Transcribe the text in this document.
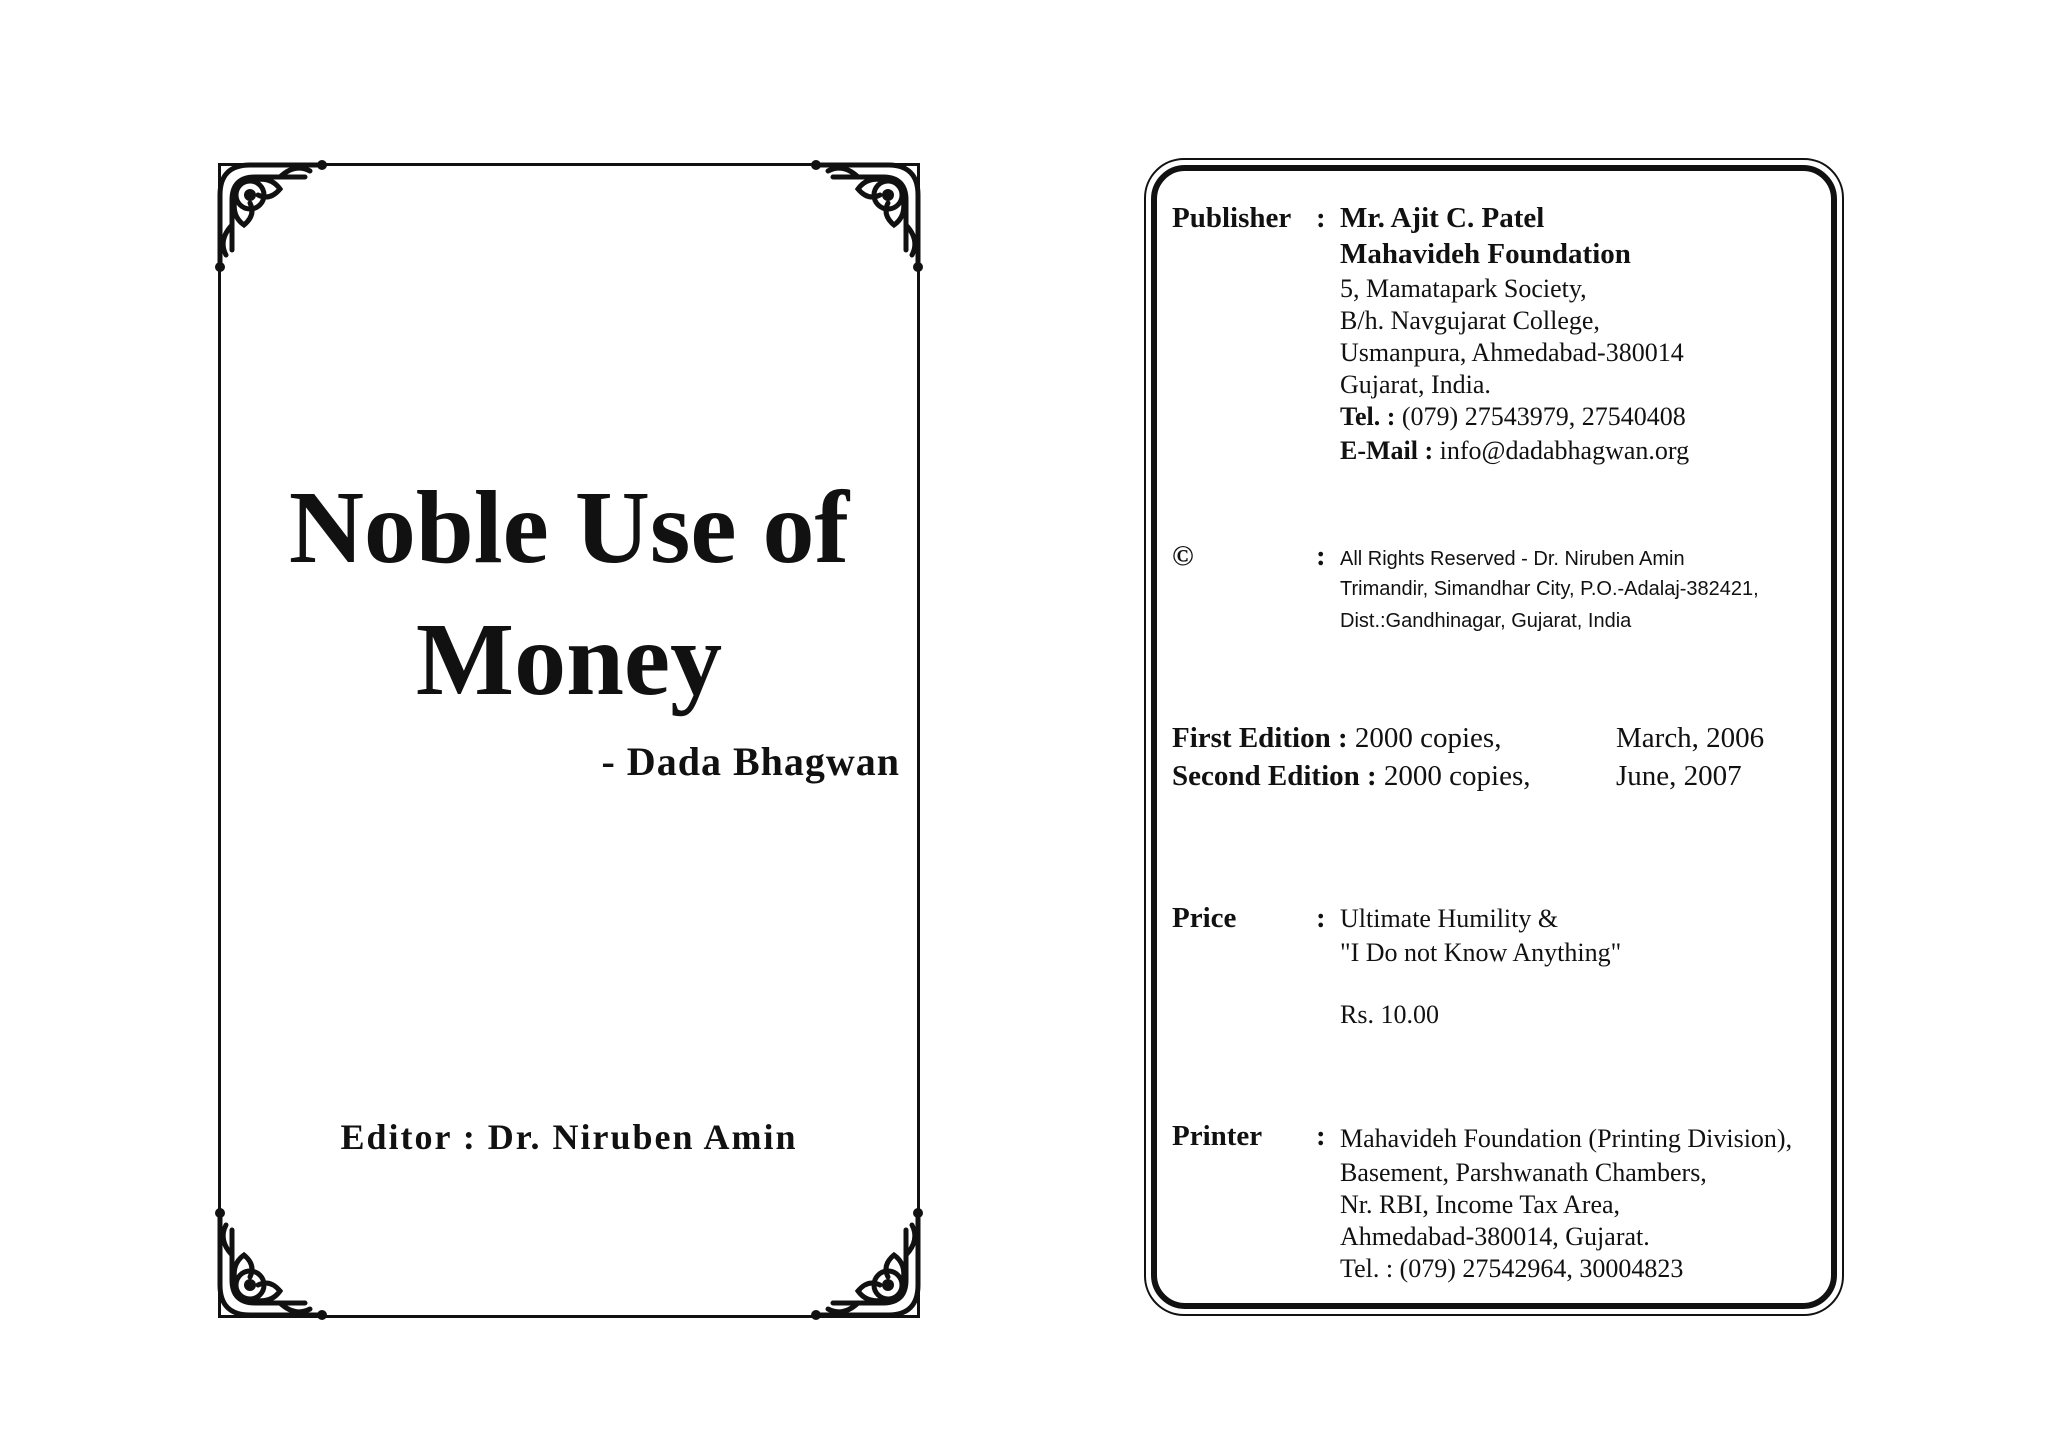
Noble Use of
Money
- Dada Bhagwan
Editor : Dr. Niruben Amin
Publisher : Mr. Ajit C. Patel
Mahavideh Foundation
5, Mamatapark Society,
B/h. Navgujarat College,
Usmanpura, Ahmedabad-380014
Gujarat, India.
Tel. : (079) 27543979, 27540408
E-Mail : info@dadabhagwan.org
©	: All Rights Reserved - Dr. Niruben Amin
Trimandir, Simandhar City, P.O.-Adalaj-382421,
Dist.:Gandhinagar, Gujarat, India
First Edition : 2000 copies,	March, 2006
Second Edition : 2000 copies,	June, 2007
Price	: Ultimate Humility &
"I Do not Know Anything"
Rs. 10.00
Printer : Mahavideh Foundation (Printing Division),
Basement, Parshwanath Chambers,
Nr. RBI, Income Tax Area,
Ahmedabad-380014, Gujarat.
Tel. : (079) 27542964, 30004823
